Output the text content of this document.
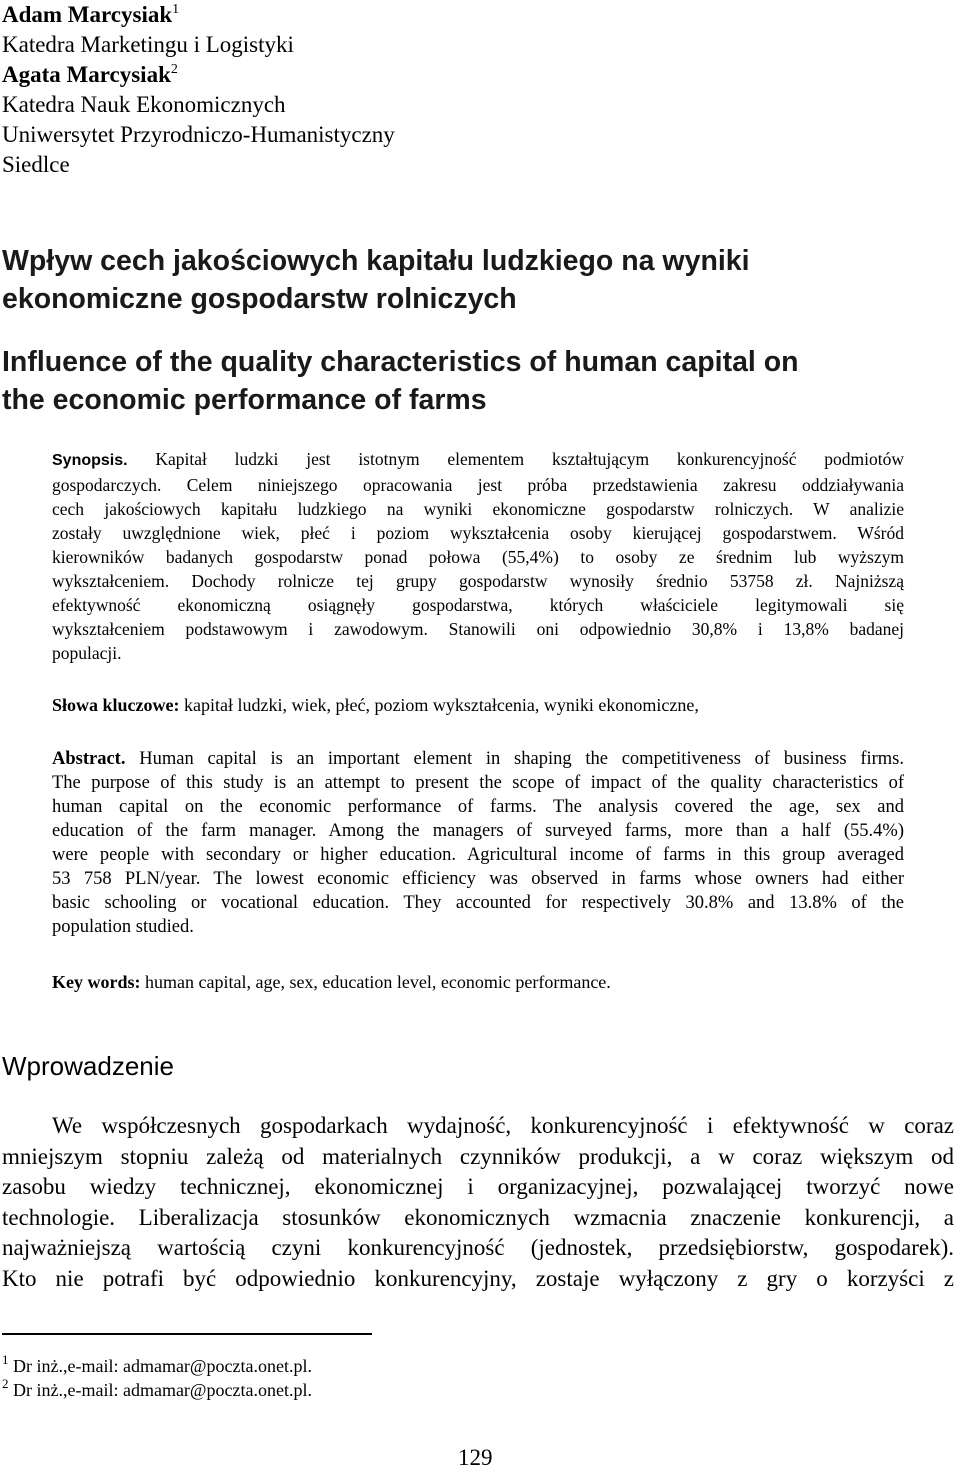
Adam Marcysiak$^1$
Katedra Marketingu i Logistyki
Agata Marcysiak$^2$
Katedra Nauk Ekonomicznych
Uniwersytet Przyrodniczo-Humanistyczny
Siedlce
Wpływ cech jakościowych kapitału ludzkiego na wyniki
ekonomiczne gospodarstw rolniczych
Influence of the quality characteristics of human capital on
the economic performance of farms
Synopsis. Kapitał ludzki jest istotnym elementem kształtującym konkurencyjność podmiotów
gospodarczych. Celem niniejszego opracowania jest próba przedstawienia zakresu oddziaływania
cech jakościowych kapitału ludzkiego na wyniki ekonomiczne gospodarstw rolniczych. W analizie
zostały uwzględnione wiek, płeć i poziom wykształcenia osoby kierującej gospodarstwem. Wśród
kierowników badanych gospodarstw ponad połowa (55,4%) to osoby ze średnim lub wyższym
wykształceniem. Dochody rolnicze tej grupy gospodarstw wynosiły średnio 53758 zł. Najniższą
efektywność ekonomiczną osiągnęły gospodarstwa, których właściciele legitymowali się
wykształceniem podstawowym i zawodowym. Stanowili oni odpowiednio 30,8% i 13,8% badanej
populacji.
Słowa kluczowe: kapitał ludzki, wiek, płeć, poziom wykształcenia, wyniki ekonomiczne,
Abstract. Human capital is an important element in shaping the competitiveness of business firms.
The purpose of this study is an attempt to present the scope of impact of the quality characteristics of
human capital on the economic performance of farms. The analysis covered the age, sex and
education of the farm manager. Among the managers of surveyed farms, more than a half (55.4%)
were people with secondary or higher education. Agricultural income of farms in this group averaged
53 758 PLN/year. The lowest economic efficiency was observed in farms whose owners had either
basic schooling or vocational education. They accounted for respectively 30.8% and 13.8% of the
population studied.
Key words: human capital, age, sex, education level, economic performance.
Wprowadzenie
We współczesnych gospodarkach wydajność, konkurencyjność i efektywność w coraz
mniejszym stopniu zależą od materialnych czynników produkcji, a w coraz większym od
zasobu wiedzy technicznej, ekonomicznej i organizacyjnej, pozwalającej tworzyć nowe
technologie. Liberalizacja stosunków ekonomicznych wzmacnia znaczenie konkurencji, a
najważniejszą wartością czyni konkurencyjność (jednostek, przedsiębiorstw, gospodarek).
Kto nie potrafi być odpowiednio konkurencyjny, zostaje wyłączony z gry o korzyści z
$^1$ Dr inż.,e-mail: admamar@poczta.onet.pl.
$^2$ Dr inż.,e-mail: admamar@poczta.onet.pl.
129
